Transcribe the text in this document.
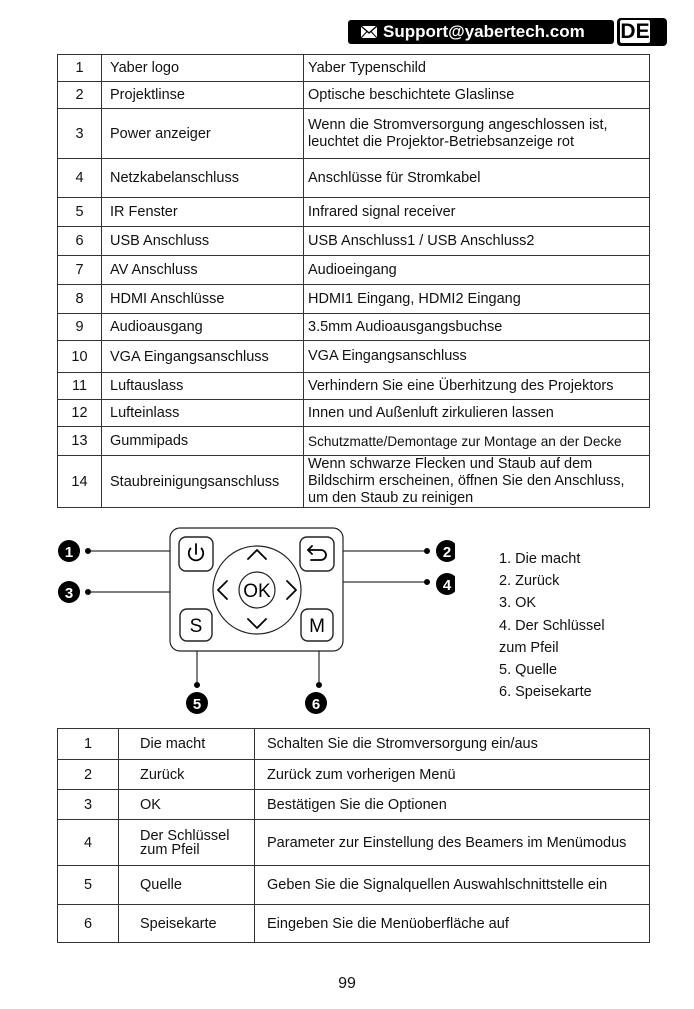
Support@yabertech.com DE
1	Yaber logo	Yaber Typenschild

2	Projektlinse	Optische beschichtete Glaslinse

3	Power anzeiger	Wenn die Stromversorgung angeschlossen ist,
leuchtet die Projektor-Betriebsanzeige rot

4	Netzkabelanschluss	Anschlüsse für Stromkabel

5	IR Fenster	Infrared signal receiver

6	USB Anschluss	USB Anschluss1 / USB Anschluss2

7	AV Anschluss	Audioeingang

8	HDMI Anschlüsse	HDMI1 Eingang, HDMI2 Eingang

9	Audioausgang	3.5mm Audioausgangsbuchse

10	VGA Eingangsanschluss	VGA Eingangsanschluss

11	Luftauslass	Verhindern Sie eine Überhitzung des Projektors

12	Lufteinlass	Innen und Außenluft zirkulieren lassen

13	Gummipads	Schutzmatte/Demontage zur Montage an der Decke

14	Staubreinigungsanschluss	Wenn schwarze Flecken und Staub auf dem
Bildschirm erscheinen, öffnen Sie den Anschluss,
um den Staub zu reinigen
OK
S	M
1	2
3	4
5	6
1. Die macht
2. Zurück
3. OK
4. Der Schlüssel
zum Pfeil
5. Quelle
6. Speisekarte
1	Die macht	Schalten Sie die Stromversorgung ein/aus
2	Zurück	Zurück zum vorherigen Menü
3	OK	Bestätigen Sie die Optionen
4	Der Schlüssel
zum Pfeil	Parameter zur Einstellung des Beamers im Menümodus
5	Quelle	Geben Sie die Signalquellen Auswahlschnittstelle ein
6	Speisekarte	Eingeben Sie die Menüoberfläche auf
99
